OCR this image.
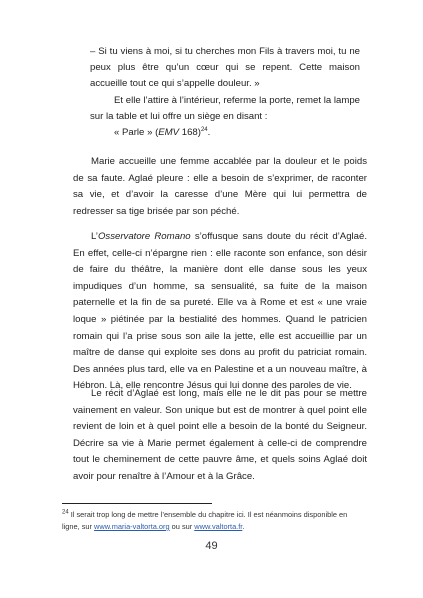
– Si tu viens à moi, si tu cherches mon Fils à travers moi, tu ne peux plus être qu’un cœur qui se repent. Cette maison accueille tout ce qui s’appelle douleur. »

Et elle l’attire à l’intérieur, referme la porte, remet la lampe sur la table et lui offre un siège en disant :

« Parle » (EMV 168)$^{24}$.

Marie accueille une femme accablée par la douleur et le poids de sa faute. Aglaé pleure : elle a besoin de s’exprimer, de raconter sa vie, et d’avoir la caresse d’une Mère qui lui permettra de redresser sa tige brisée par son péché.

L’Osservatore Romano s’offusque sans doute du récit d’Aglaé. En effet, celle-ci n’épargne rien : elle raconte son enfance, son désir de faire du théâtre, la manière dont elle danse sous les yeux impudiques d’un homme, sa sensualité, sa fuite de la maison paternelle et la fin de sa pureté. Elle va à Rome et est « une vraie loque » piétinée par la bestialité des hommes. Quand le patricien romain qui l’a prise sous son aile la jette, elle est accueillie par un maître de danse qui exploite ses dons au profit du patriciat romain. Des années plus tard, elle va en Palestine et a un nouveau maître, à Hébron. Là, elle rencontre Jésus qui lui donne des paroles de vie.

Le récit d’Aglaé est long, mais elle ne le dit pas pour se mettre vainement en valeur. Son unique but est de montrer à quel point elle revient de loin et à quel point elle a besoin de la bonté du Seigneur. Décrire sa vie à Marie permet également à celle-ci de comprendre tout le cheminement de cette pauvre âme, et quels soins Aglaé doit avoir pour renaître à l’Amour et à la Grâce.

$^{24}$ Il serait trop long de mettre l’ensemble du chapitre ici. Il est néanmoins disponible en ligne, sur www.maria-valtorta.org ou sur www.valtorta.fr.
49
